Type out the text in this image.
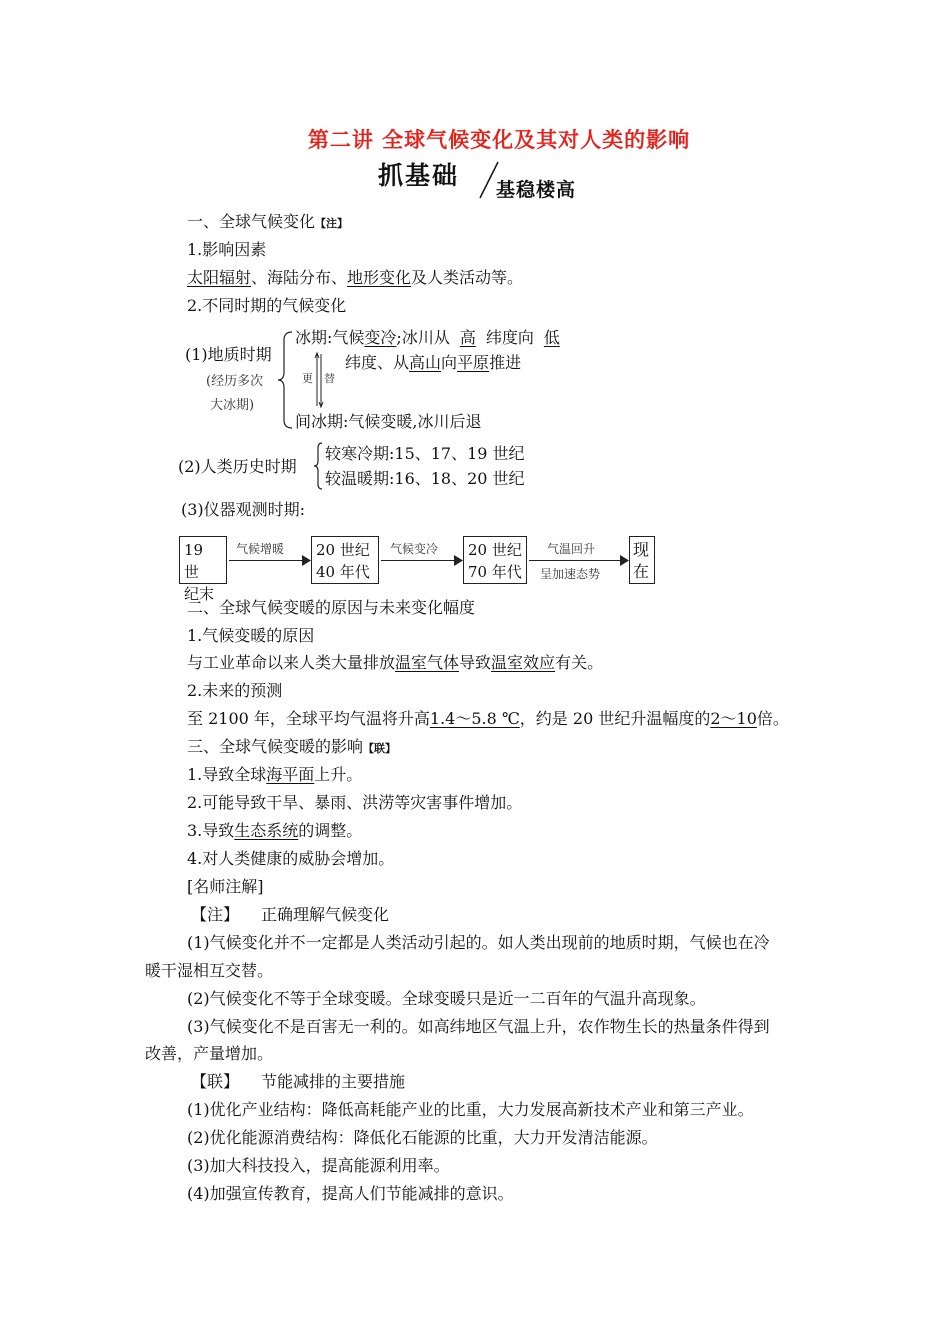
第二讲 全球气候变化及其对人类的影响
抓基础 基稳楼高
一、全球气候变化【注】
1.影响因素
太阳辐射、海陆分布、地形变化及人类活动等。
2.不同时期的气候变化
(1)地质时期
(经历多次
大冰期)
冰期:气候变冷;冰川从 高 纬度向 低
纬度、从高山向平原推进
更 替
间冰期:气候变暖,冰川后退
(2)人类历史时期
较寒冷期:15、17、19 世纪
较温暖期:16、18、20 世纪
(3)仪器观测时期:
19 世
纪末
气候增暖 20 世纪
40 年代
气候变冷 20 世纪
70 年代
气温回升
呈加速态势
现
在
二、全球气候变暖的原因与未来变化幅度
1.气候变暖的原因
与工业革命以来人类大量排放温室气体导致温室效应有关。
2.未来的预测
至 2100 年，全球平均气温将升高1.4～5.8 ℃，约是 20 世纪升温幅度的2～10倍。
三、全球气候变暖的影响【联】
1.导致全球海平面上升。
2.可能导致干旱、暴雨、洪涝等灾害事件增加。
3.导致生态系统的调整。
4.对人类健康的威胁会增加。
[名师注解]
【注】 正确理解气候变化
(1)气候变化并不一定都是人类活动引起的。如人类出现前的地质时期，气候也在冷
暖干湿相互交替。
(2)气候变化不等于全球变暖。全球变暖只是近一二百年的气温升高现象。
(3)气候变化不是百害无一利的。如高纬地区气温上升，农作物生长的热量条件得到
改善，产量增加。
【联】 节能减排的主要措施
(1)优化产业结构：降低高耗能产业的比重，大力发展高新技术产业和第三产业。
(2)优化能源消费结构：降低化石能源的比重，大力开发清洁能源。
(3)加大科技投入，提高能源利用率。
(4)加强宣传教育，提高人们节能减排的意识。
